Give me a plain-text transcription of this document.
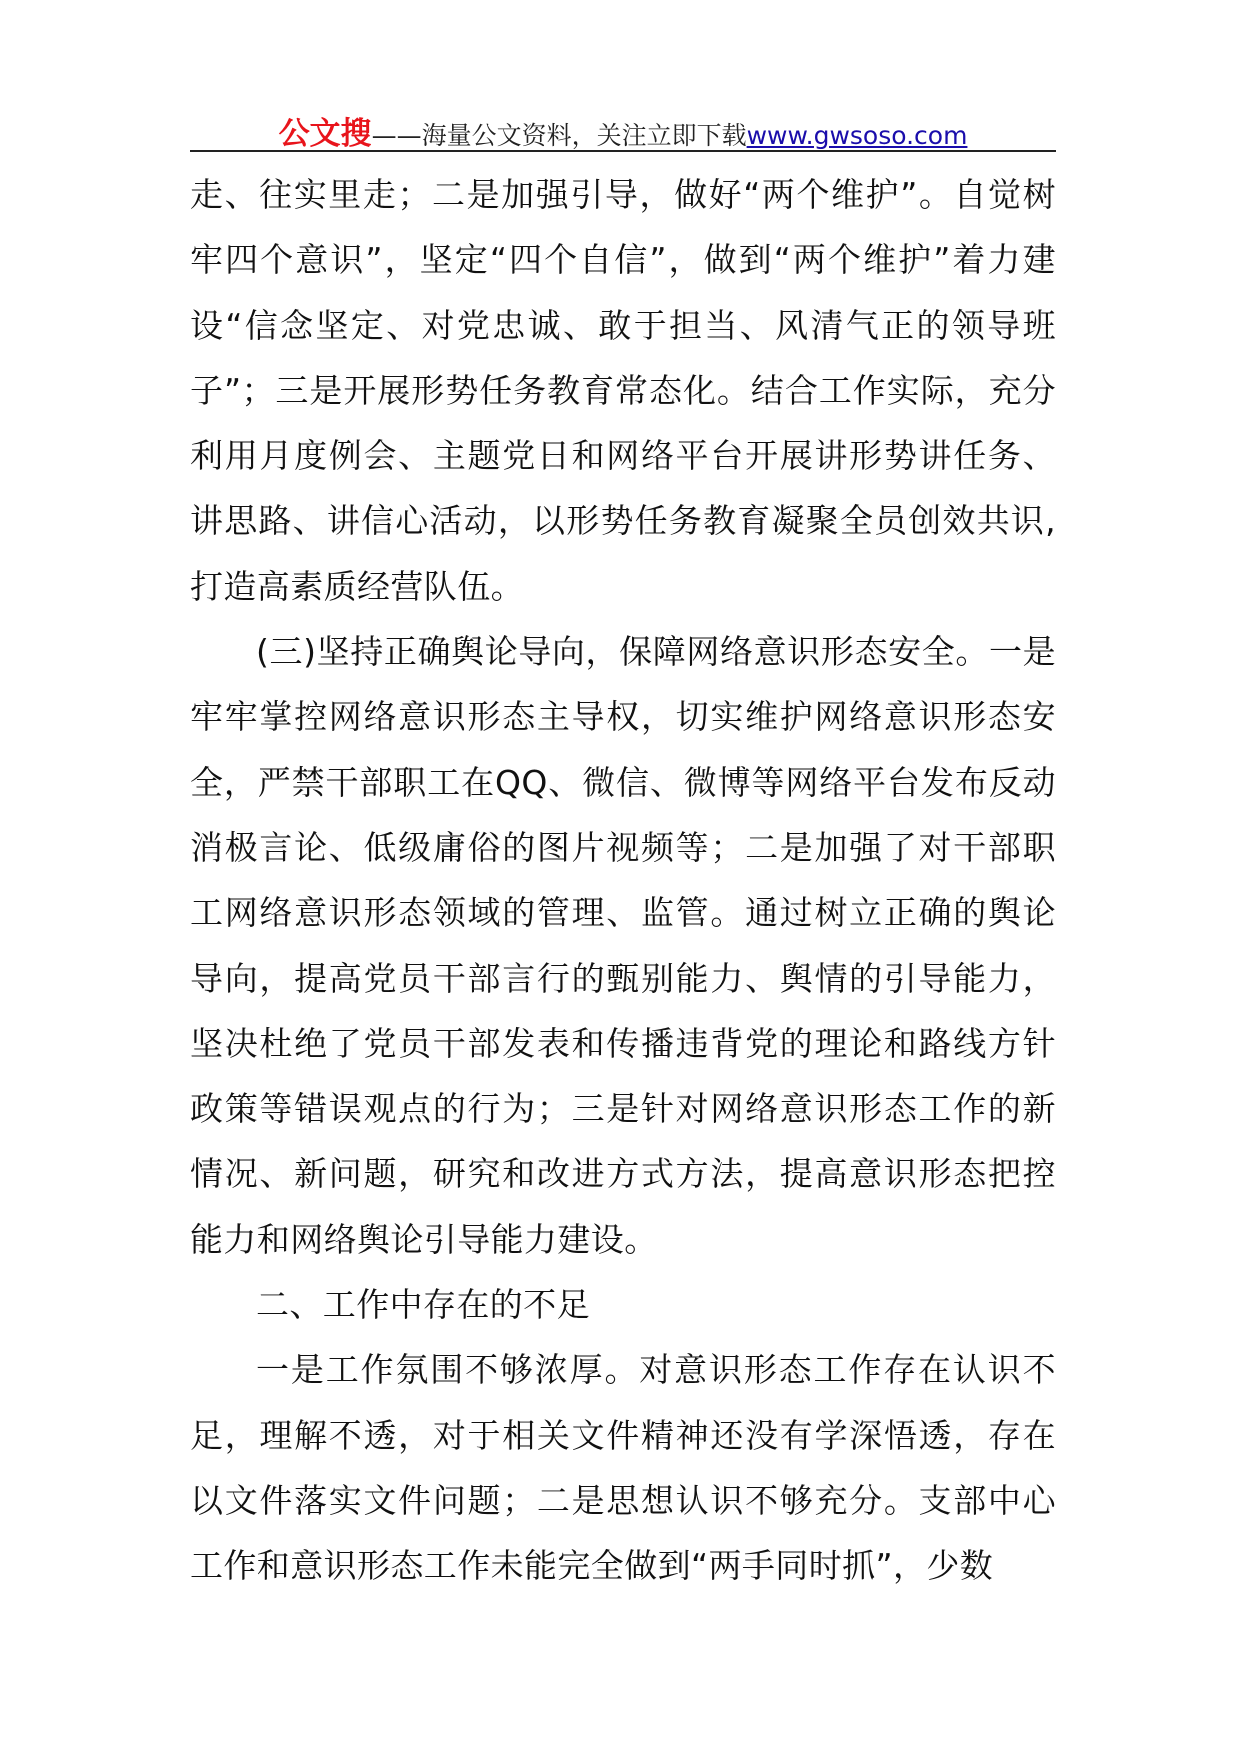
公文搜——海量公文资料，关注立即下载www.gwsoso.com

走、往实里走；二是加强引导，做好“两个维护”。自觉树牢四个意识”，坚定“四个自信”，做到“两个维护”着力建设“信念坚定、对党忠诚、敢于担当、风清气正的领导班子”；三是开展形势任务教育常态化。结合工作实际，充分利用月度例会、主题党日和网络平台开展讲形势讲任务、讲思路、讲信心活动，以形势任务教育凝聚全员创效共识,打造高素质经营队伍。

(三)坚持正确舆论导向，保障网络意识形态安全。一是牢牢掌控网络意识形态主导权，切实维护网络意识形态安全，严禁干部职工在QQ、微信、微博等网络平台发布反动消极言论、低级庸俗的图片视频等；二是加强了对干部职工网络意识形态领域的管理、监管。通过树立正确的舆论导向，提高党员干部言行的甄别能力、舆情的引导能力，坚决杜绝了党员干部发表和传播违背党的理论和路线方针政策等错误观点的行为；三是针对网络意识形态工作的新情况、新问题，研究和改进方式方法，提高意识形态把控能力和网络舆论引导能力建设。

二、工作中存在的不足

一是工作氛围不够浓厚。对意识形态工作存在认识不足，理解不透，对于相关文件精神还没有学深悟透，存在以文件落实文件问题；二是思想认识不够充分。支部中心工作和意识形态工作未能完全做到“两手同时抓”，少数
